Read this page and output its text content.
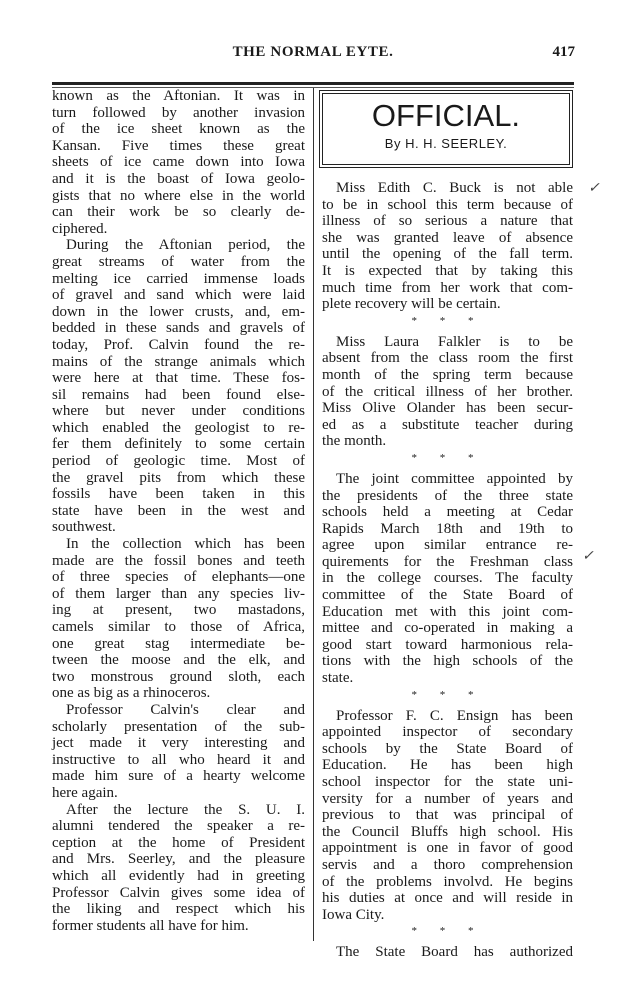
THE NORMAL EYTE.	417
known as the Aftonian. It was in
turn followed by another invasion
of the ice sheet known as the
Kansan. Five times these great
sheets of ice came down into Iowa
and it is the boast of Iowa geolo-
gists that no where else in the world
can their work be so clearly de-
ciphered.
During the Aftonian period, the
great streams of water from the
melting ice carried immense loads
of gravel and sand which were laid
down in the lower crusts, and, em-
bedded in these sands and gravels of
today, Prof. Calvin found the re-
mains of the strange animals which
were here at that time. These fos-
sil remains had been found else-
where but never under conditions
which enabled the geologist to re-
fer them definitely to some certain
period of geologic time. Most of
the gravel pits from which these
fossils have been taken in this
state have been in the west and
southwest.
In the collection which has been
made are the fossil bones and teeth
of three species of elephants—one
of them larger than any species liv-
ing at present, two mastadons,
camels similar to those of Africa,
one great stag intermediate be-
tween the moose and the elk, and
two monstrous ground sloth, each
one as big as a rhinoceros.
Professor Calvin's clear and
scholarly presentation of the sub-
ject made it very interesting and
instructive to all who heard it and
made him sure of a hearty welcome
here again.
After the lecture the S. U. I.
alumni tendered the speaker a re-
ception at the home of President
and Mrs. Seerley, and the pleasure
which all evidently had in greeting
Professor Calvin gives some idea of
the liking and respect which his
former students all have for him.
OFFICIAL.
By H. H. SEERLEY.
Miss Edith C. Buck is not able
to be in school this term because of
illness of so serious a nature that
she was granted leave of absence
until the opening of the fall term.
It is expected that by taking this
much time from her work that com-
plete recovery will be certain.
* * *
Miss Laura Falkler is to be
absent from the class room the first
month of the spring term because
of the critical illness of her brother.
Miss Olive Olander has been secur-
ed as a substitute teacher during
the month.
* * *
The joint committee appointed by
the presidents of the three state
schools held a meeting at Cedar
Rapids March 18th and 19th to
agree upon similar entrance re-
quirements for the Freshman class
in the college courses. The faculty
committee of the State Board of
Education met with this joint com-
mittee and co-operated in making a
good start toward harmonious rela-
tions with the high schools of the
state.
* * *
Professor F. C. Ensign has been
appointed inspector of secondary
schools by the State Board of
Education. He has been high
school inspector for the state uni-
versity for a number of years and
previous to that was principal of
the Council Bluffs high school. His
appointment is one in favor of good
servis and a thoro comprehension
of the problems involvd. He begins
his duties at once and will reside in
Iowa City.
* * *
The State Board has authorized
✓
✓
